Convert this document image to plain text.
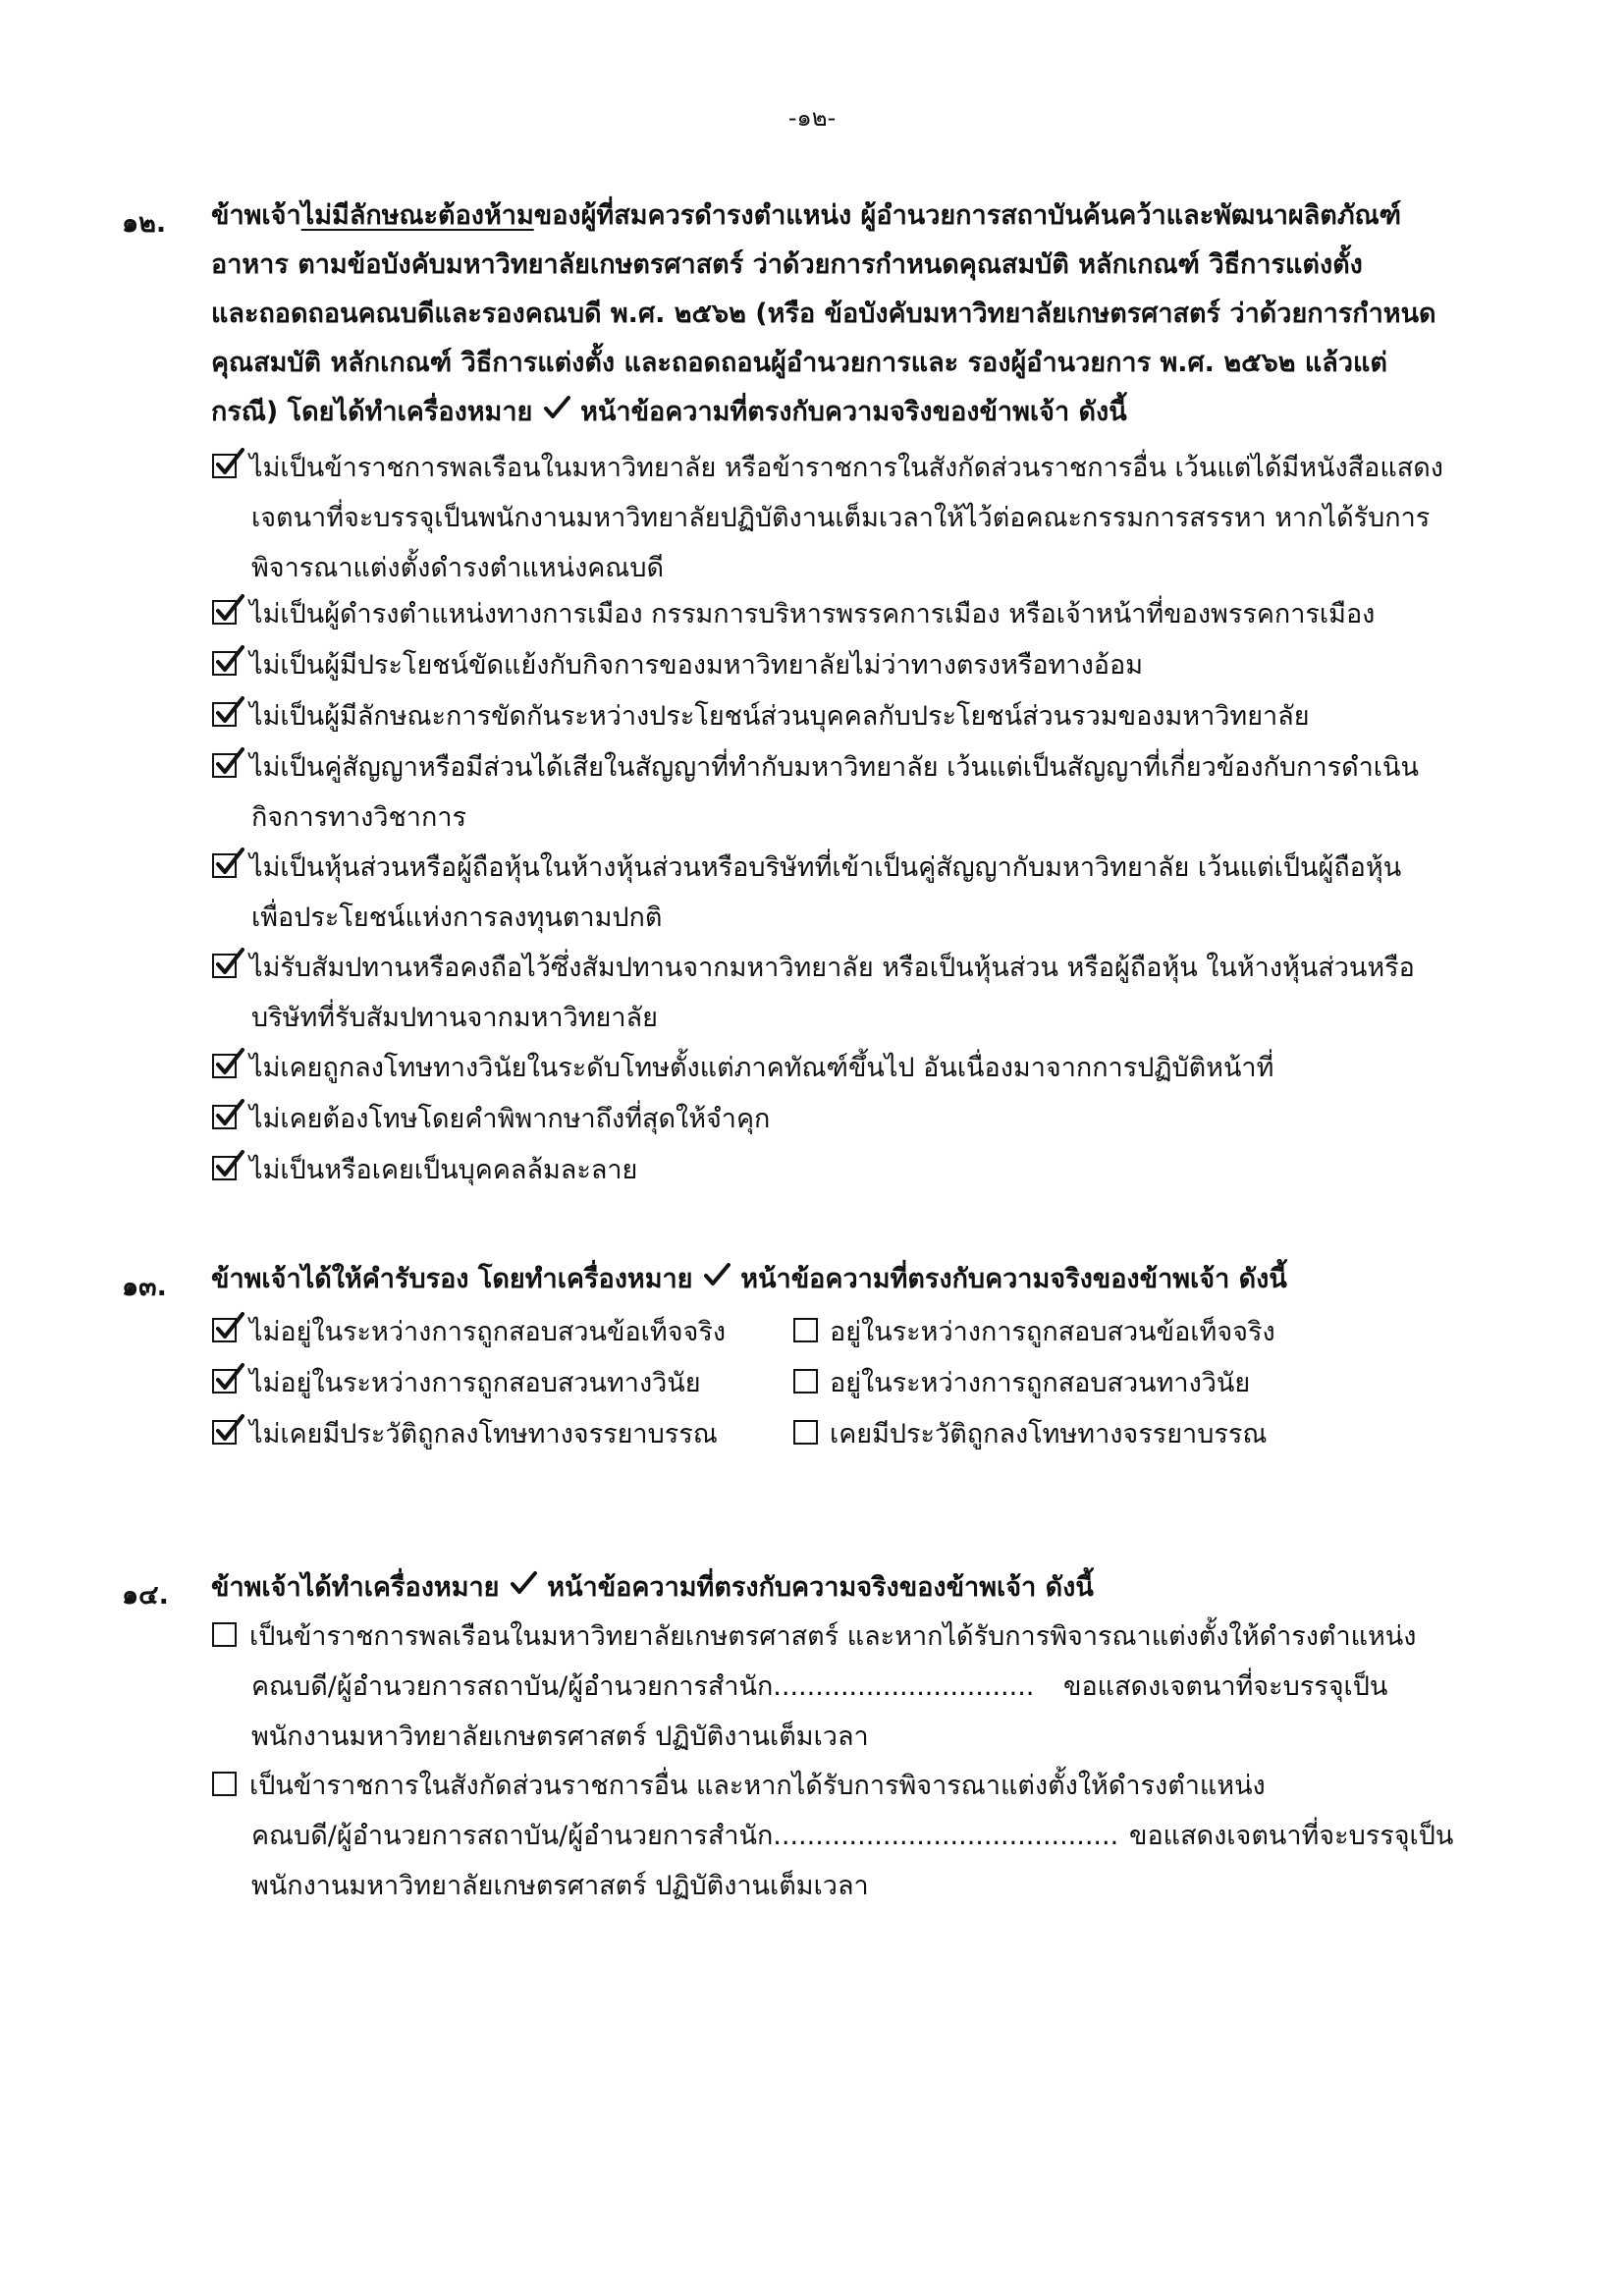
-๑๒-
๑๒. ข้าพเจ้าไม่มีลักษณะต้องห้ามของผู้ที่สมควรดำรงตำแหน่ง ผู้อำนวยการสถาบันค้นคว้าและพัฒนาผลิตภัณฑ์
อาหาร ตามข้อบังคับมหาวิทยาลัยเกษตรศาสตร์ ว่าด้วยการกำหนดคุณสมบัติ หลักเกณฑ์ วิธีการแต่งตั้ง
และถอดถอนคณบดีและรองคณบดี พ.ศ. ๒๕๖๒ (หรือ ข้อบังคับมหาวิทยาลัยเกษตรศาสตร์ ว่าด้วยการกำหนด
คุณสมบัติ หลักเกณฑ์ วิธีการแต่งตั้ง และถอดถอนผู้อำนวยการและ รองผู้อำนวยการ พ.ศ. ๒๕๖๒ แล้วแต่
กรณี) โดยได้ทำเครื่องหมาย หน้าข้อความที่ตรงกับความจริงของข้าพเจ้า ดังนี้
ไม่เป็นข้าราชการพลเรือนในมหาวิทยาลัย หรือข้าราชการในสังกัดส่วนราชการอื่น เว้นแต่ได้มีหนังสือแสดง
เจตนาที่จะบรรจุเป็นพนักงานมหาวิทยาลัยปฏิบัติงานเต็มเวลาให้ไว้ต่อคณะกรรมการสรรหา หากได้รับการ
พิจารณาแต่งตั้งดำรงตำแหน่งคณบดี
ไม่เป็นผู้ดำรงตำแหน่งทางการเมือง กรรมการบริหารพรรคการเมือง หรือเจ้าหน้าที่ของพรรคการเมือง
ไม่เป็นผู้มีประโยชน์ขัดแย้งกับกิจการของมหาวิทยาลัยไม่ว่าทางตรงหรือทางอ้อม
ไม่เป็นผู้มีลักษณะการขัดกันระหว่างประโยชน์ส่วนบุคคลกับประโยชน์ส่วนรวมของมหาวิทยาลัย
ไม่เป็นคู่สัญญาหรือมีส่วนได้เสียในสัญญาที่ทำกับมหาวิทยาลัย เว้นแต่เป็นสัญญาที่เกี่ยวข้องกับการดำเนิน
กิจการทางวิชาการ
ไม่เป็นหุ้นส่วนหรือผู้ถือหุ้นในห้างหุ้นส่วนหรือบริษัทที่เข้าเป็นคู่สัญญากับมหาวิทยาลัย เว้นแต่เป็นผู้ถือหุ้น
เพื่อประโยชน์แห่งการลงทุนตามปกติ
ไม่รับสัมปทานหรือคงถือไว้ซึ่งสัมปทานจากมหาวิทยาลัย หรือเป็นหุ้นส่วน หรือผู้ถือหุ้น ในห้างหุ้นส่วนหรือ
บริษัทที่รับสัมปทานจากมหาวิทยาลัย
ไม่เคยถูกลงโทษทางวินัยในระดับโทษตั้งแต่ภาคทัณฑ์ขึ้นไป อันเนื่องมาจากการปฏิบัติหน้าที่
ไม่เคยต้องโทษโดยคำพิพากษาถึงที่สุดให้จำคุก
ไม่เป็นหรือเคยเป็นบุคคลล้มละลาย
๑๓. ข้าพเจ้าได้ให้คำรับรอง โดยทำเครื่องหมาย หน้าข้อความที่ตรงกับความจริงของข้าพเจ้า ดังนี้
ไม่อยู่ในระหว่างการถูกสอบสวนข้อเท็จจริง	อยู่ในระหว่างการถูกสอบสวนข้อเท็จจริง
ไม่อยู่ในระหว่างการถูกสอบสวนทางวินัย	อยู่ในระหว่างการถูกสอบสวนทางวินัย
ไม่เคยมีประวัติถูกลงโทษทางจรรยาบรรณ	เคยมีประวัติถูกลงโทษทางจรรยาบรรณ
๑๔. ข้าพเจ้าได้ทำเครื่องหมาย หน้าข้อความที่ตรงกับความจริงของข้าพเจ้า ดังนี้
เป็นข้าราชการพลเรือนในมหาวิทยาลัยเกษตรศาสตร์ และหากได้รับการพิจารณาแต่งตั้งให้ดำรงตำแหน่ง
คณบดี/ผู้อำนวยการสถาบัน/ผู้อำนวยการสำนัก............................... ขอแสดงเจตนาที่จะบรรจุเป็น
พนักงานมหาวิทยาลัยเกษตรศาสตร์ ปฏิบัติงานเต็มเวลา
เป็นข้าราชการในสังกัดส่วนราชการอื่น และหากได้รับการพิจารณาแต่งตั้งให้ดำรงตำแหน่ง
คณบดี/ผู้อำนวยการสถาบัน/ผู้อำนวยการสำนัก......................................... ขอแสดงเจตนาที่จะบรรจุเป็น
พนักงานมหาวิทยาลัยเกษตรศาสตร์ ปฏิบัติงานเต็มเวลา
